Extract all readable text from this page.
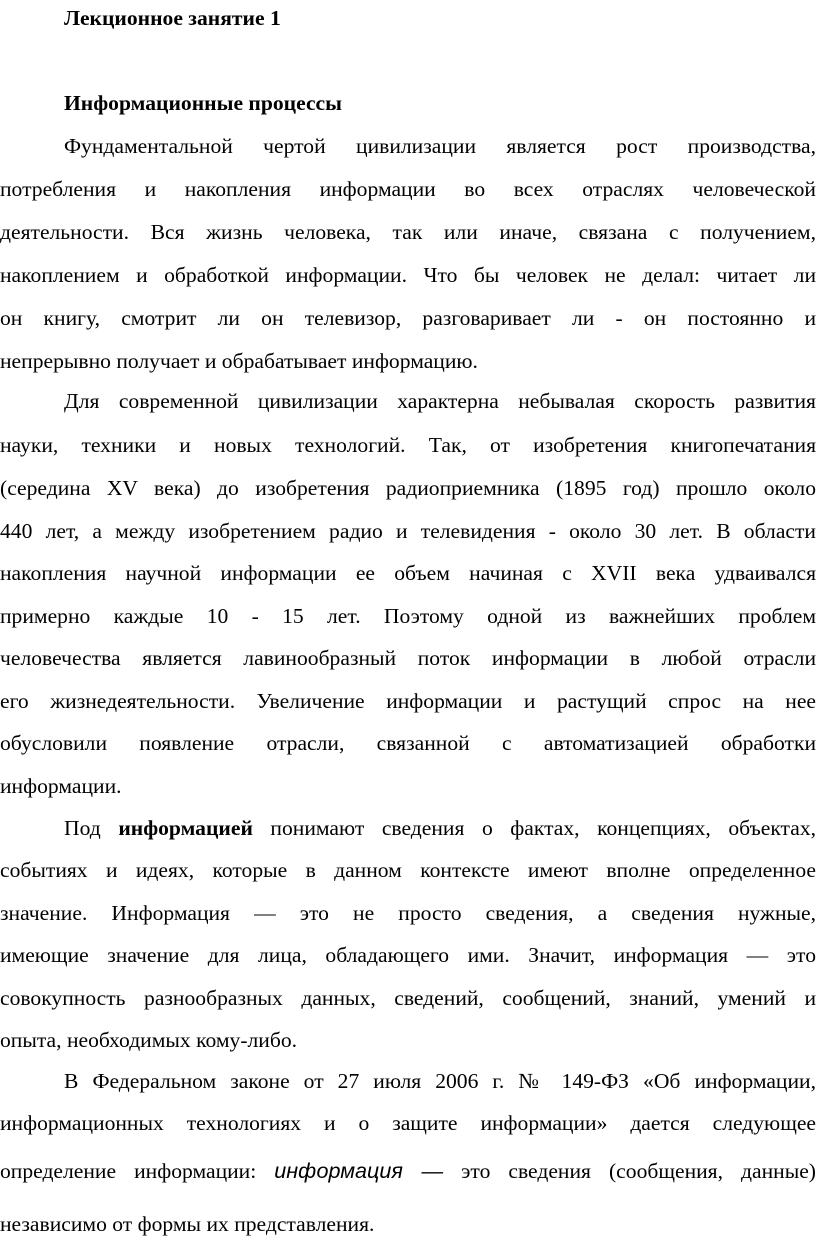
Лекционное занятие 1
Информационные процессы
Фундаментальной чертой цивилизации является рост производства,
потребления и накопления информации во всех отраслях человеческой
деятельности. Вся жизнь человека, так или иначе, связана с получением,
накоплением и обработкой информации. Что бы человек не делал: читает ли
он книгу, смотрит ли он телевизор, разговаривает ли - он постоянно и
непрерывно получает и обрабатывает информацию.
Для современной цивилизации характерна небывалая скорость развития
науки, техники и новых технологий. Так, от изобретения книгопечатания
(середина XV века) до изобретения радиоприемника (1895 год) прошло около
440 лет, а между изобретением радио и телевидения - около 30 лет. В области
накопления научной информации ее объем начиная с XVII века удваивался
примерно каждые 10 - 15 лет. Поэтому одной из важнейших проблем
человечества является лавинообразный поток информации в любой отрасли
его жизнедеятельности. Увеличение информации и растущий спрос на нее
обусловили появление отрасли, связанной с автоматизацией обработки
информации.
Под информацией понимают сведения о фактах, концепциях, объектах,
событиях и идеях, которые в данном контексте имеют вполне определенное
значение. Информация — это не просто сведения, а сведения нужные,
имеющие значение для лица, обладающего ими. Значит, информация — это
совокупность разнообразных данных, сведений, сообщений, знаний, умений и
опыта, необходимых кому-либо.
В Федеральном законе от 27 июля 2006 г. № 149-ФЗ «Об информации,
информационных технологиях и о защите информации» дается следующее
определение информации: информация — это сведения (сообщения, данные)
независимо от формы их представления.
